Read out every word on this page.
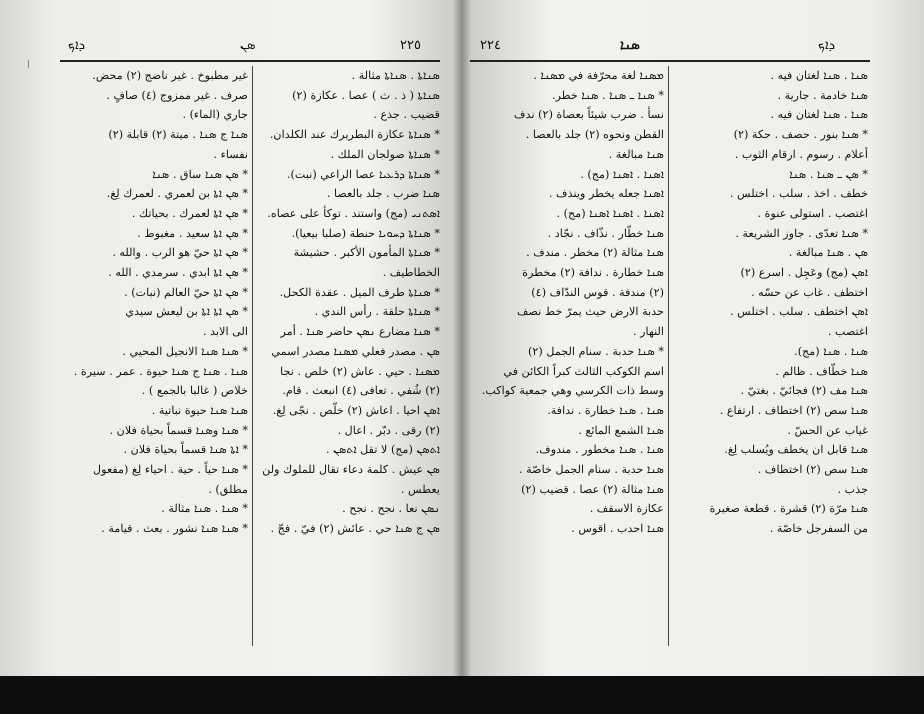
ܕܐܟ	ܣܢ	٢٢٥
غير مطبوخ . غير ناضج (٢) محض.
صرف . غير ممزوج (٤) صافٍ .
جاري (الماء) .
ܣܢܐ ج ܣܢܐ . ميتة (٢) قابلة (٢)
نفساء .
* ܣܢ ܣܢܐ ساق . ܣܢܐ
* ܣܢ ܐܬܐ بن لعمري . لعمرك لِغ.
* ܣܢ ܐܬܐ لعمرك . بحياتك .
* ܣܢ ܐܬܐ سعيد . مغبوط .
* ܣܢ ܐܬܐ حيّ هو الرب . والله .
* ܣܢ ܐܬܐ ابدي . سرمدي . الله .
* ܣܢ ܐܬܐ حيّ العالم (نبات) .
* ܣܢ ܐܬܐ ܐܬܐ بن ليعش سيدي
الى الابد .
* ܣܢܐ ܣܢܐ الانجيل المحيي .
ܣܢܐ . ܣܢܐ ج ܣܢܐ حيوة . عمر . سيرة .
خلاص ( غالبا بالجمع ) .
ܣܢܐ ܣܢܐ حيوة نباتية .
* ܣܢܐ وܣܢܐ قسماً بحياة فلان .
* ܐܬܐ ܣܢܐ قسماً بحياة فلان .
* ܣܢܐ حياً . حية . احياء لِغ (مفعول
مطلق) .
* ܣܢܐ . ܣܢܐ مثالة .
* ܣܢܐ ܣܢܐ نشور . بعث . قيامة .
ܣܢܐܬܐ . ܣܢܐܬܐ مثالة .
ܣܢܐܬܐ ( ذ . ث ) عصا . عكازة (٢)
قضيب . جذع .
* ܣܢܐܬܐ عكازة البطريرك عند الكلدان.
* ܣܢܐܬܐ صولجان الملك .
* ܣܢܐܬܐ ܕܪܥܝܐ عصا الراعي (نبت).
ܣܢܐ ضرب . جلد بالعصا .
ܐܣܬܢܝ (مج) واستند . توكأ على عصاه.
* ܣܢܐܬܐ ܕܚܘܝܐ حنطة (صلبا بيعيا).
* ܣܢܐܬܐ المأمون الأكبر . حشيشة
الخطاطيف .
* ܣܢܐܬܐ طرف الميل . عقدة الكحل.
* ܣܢܐܬܐ حلقة . رأس الندي .
* ܣܢܐ مضارع ܢܣܢ حاضر ܣܢܐ . أمر
ܣܢ . مصدر فعلي ܡܣܢܐ مصدر اسمي
ܡܣܢܐ . حيي . عاش (٢) خلص . نجا
(٢) شُفي . تعافى (٤) انبعث . قام.
ܐܣܢ احيا . اعاش (٢) خلّص . نجّى لِغ.
(٢) رقى . دبّر . اعال .
ܐܬܣܢ (مج) لا تقل ܐܬܣܢ .
ܣܢ عيش . كلمة دعاء تقال للملوك ولن
يعطس .
ܢܣܢ نعا . نجح . نجح .
ܣܢ ج ܣܢܐ حي . عائش (٢) فيّ . فجّ .
٢٢٤	ܣܢܐ	ܕܐܟ
ܡܣܢܐ لغة محرّفة في ܡܣܢܐ .
* ܣܢܐ ـ ܣܢܐ . ܣܢܐ خطر.
نسأ . ضرب شيئاً بعصاة (٢) ندف
القطن ونحوه (٢) جلد بالعصا .
ܣܢܐ مبالغة .
ܐܣܢܐ . ܐܣܢܐ (مج) .
ܐܣܢܐ جعله يخطر وينذف .
ܐܣܢܐ . ܐܣܢܐ ܐܣܢܐ (مج) .
ܣܢܐ خطّار . نذّاف . نجّاد .
ܣܢܐ مثالة (٢) مخطر . مندف .
ܣܢܐ خطارة . ندافة (٢) مخطرة
(٢) مندفة . قوس الندّاف (٤)
حدبة الارض حيث يمرّ خط نصف
النهار .
* ܣܢܐ حدبة . سنام الجمل (٢)
اسم الكوكب الثالث كبراً الكائن في
وسط ذات الكرسي وهي جمعية كواكب.
ܣܢܐ . ܣܢܐ خطارة . ندافة.
ܣܢܐ الشمع المائع .
ܣܢܐ . ܣܢܐ مخطور . مندوف.
ܣܢܐ حدبة . سنام الجمل خاصّة .
ܣܢܐ مثالة (٢) عصا . قضيب (٢)
عكازة الاسقف .
ܣܢܐ احدب . اقوس .
ܣܢܐ . ܣܢܐ لغتان فيه .
ܣܢܐ خادمة . جارية .
ܣܢܐ . ܣܢܐ لغتان فيه .
* ܣܢܐ بنور . حصف . حكة (٢)
أعلام . رسوم . ارقام الثوب .
* ܣܢ ـ ܣܢܐ . ܣܢܐ
خطف . اخذ . سلب . اختلس .
اغتصب . استولى عنوة .
* ܣܢܐ تعدّى . جاوز الشريعة .
ܣܢ . ܣܢܐ مبالغة .
ܐܣܢ (مج) وعَجِل . اسرع (٢)
اختطف . غاب عن حسّه .
ܐܣܢ اختطف . سلب . اختلس .
اغتصب .
ܣܢܐ . ܣܢܐ (مج).
ܣܢܐ خطّاف . ظالم .
ܣܢܐ مف (٢) فجائيّ . بغتيّ .
ܣܢܐ سص (٢) اختطاف . ارتفاع .
غياب عن الحسّ .
ܣܢܐ قابل ان يخطف ويُسلب لِغ.
ܣܢܐ سص (٢) اختطاف .
جذب .
ܣܢܐ مرّة (٢) قشرة . قطعة صغيرة
من السفرجل خاصّة .
